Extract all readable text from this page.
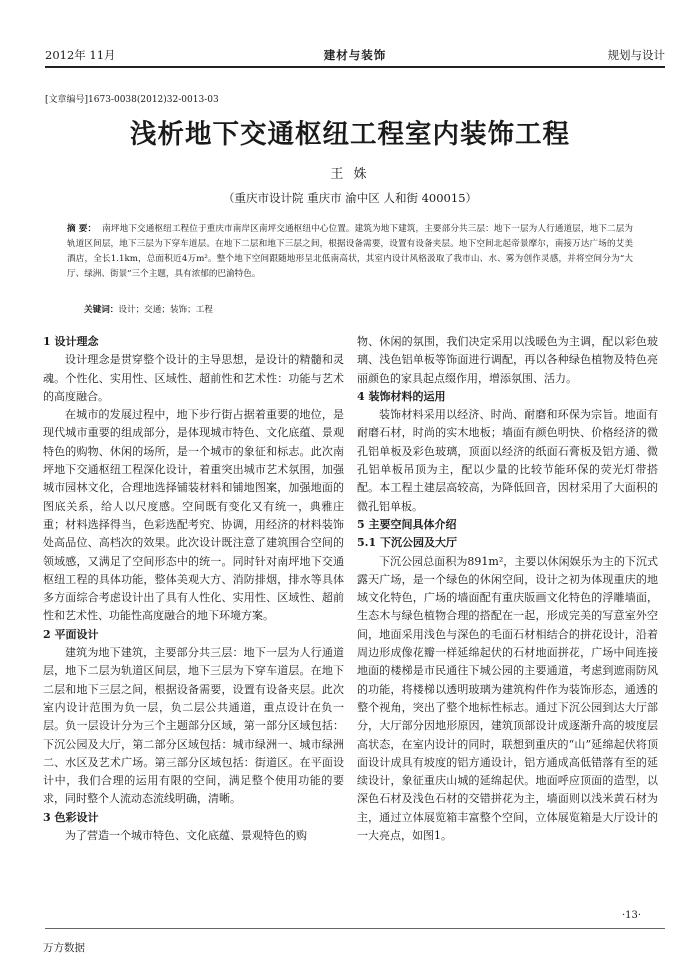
2012年 11月	建材与装饰	规划与设计
[文章编号]1673-0038(2012)32-0013-03
浅析地下交通枢纽工程室内装饰工程
王 姝
（重庆市设计院 重庆市 渝中区 人和街 400015）
摘 要： 南坪地下交通枢纽工程位于重庆市南岸区南坪交通枢纽中心位置。建筑为地下建筑，主要部分共三层：地下一层为人行通道层，地下二层为轨道区间层，地下三层为下穿车道层。在地下二层和地下三层之间，根据设备需要，设置有设备夹层。地下空间北起帝景摩尔，南接万达广场的艾美酒店，全长1.1km，总面积近4万m²。整个地下空间跟随地形呈北低南高状，其室内设计风格汲取了我市山、水、雾为创作灵感，并将空间分为“大厅、绿洲、街景”三个主题，具有浓郁的巴渝特色。
关键词：设计；交通；装饰；工程
1 设计理念
设计理念是贯穿整个设计的主导思想，是设计的精髓和灵魂。个性化、实用性、区域性、超前性和艺术性：功能与艺术的高度融合。
在城市的发展过程中，地下步行街占据着重要的地位，是现代城市重要的组成部分，是体现城市特色、文化底蕴、景观特色的购物、休闲的场所，是一个城市的象征和标志。此次南坪地下交通枢纽工程深化设计，着重突出城市艺术氛围，加强城市园林文化，合理地选择铺装材料和铺地图案，加强地面的图底关系，给人以尺度感。空间既有变化又有统一，典雅庄重；材料选择得当，色彩选配考究、协调，用经济的材料装饰处高品位、高档次的效果。此次设计既注意了建筑围合空间的领域感，又满足了空间形态中的统一。同时针对南坪地下交通枢纽工程的具体功能，整体美观大方、消防排烟，排水等具体多方面综合考虑设计出了具有人性化、实用性、区域性、超前性和艺术性、功能性高度融合的地下环境方案。
2 平面设计
建筑为地下建筑，主要部分共三层：地下一层为人行通道层，地下二层为轨道区间层，地下三层为下穿车道层。在地下二层和地下三层之间，根据设备需要，设置有设备夹层。此次室内设计范围为负一层，负二层公共通道，重点设计在负一层。负一层设计分为三个主题部分区域，第一部分区域包括：下沉公园及大厅，第二部分区域包括：城市绿洲一、城市绿洲二、水区及艺术广场。第三部分区域包括：街道区。在平面设计中，我们合理的运用有限的空间，满足整个使用功能的要求，同时整个人流动态流线明确，清晰。
3 色彩设计
为了营造一个城市特色、文化底蕴、景观特色的购
物、休闲的氛围，我们决定采用以浅暖色为主调，配以彩色玻璃、浅色铝单板等饰面进行调配，再以各种绿色植物及特色亮丽颜色的家具起点缀作用，增添氛围、活力。
4 装饰材料的运用
装饰材料采用以经济、时尚、耐磨和环保为宗旨。地面有耐磨石材，时尚的实木地板；墙面有颜色明快、价格经济的微孔铝单板及彩色玻璃，顶面以经济的纸面石膏板及铝方通、微孔铝单板吊顶为主，配以少量的比较节能环保的荧光灯带搭配。本工程土建层高较高，为降低回音，因材采用了大面积的微孔铝单板。
5 主要空间具体介绍
5.1 下沉公园及大厅
下沉公园总面积为891m²，主要以休闲娱乐为主的下沉式露天广场，是一个绿色的休闲空间，设计之初为体现重庆的地域文化特色，广场的墙面配有重庆版画文化特色的浮雕墙面，生态木与绿色植物合理的搭配在一起，形成完美的写意室外空间，地面采用浅色与深色的毛面石材相结合的拼花设计，沿着周边形成像花瓣一样延绵起伏的石材地面拼花，广场中间连接地面的楼梯是市民通往下城公园的主要通道，考虑到遮雨防风的功能，将楼梯以透明玻璃为建筑构件作为装饰形态，通透的整个视角，突出了整个地标性标志。通过下沉公园到达大厅部分，大厅部分因地形原因，建筑顶部设计成逐渐升高的坡度层高状态，在室内设计的同时，联想到重庆的“山”延绵起伏将顶面设计成具有坡度的铝方通设计，铝方通成高低错落有至的延续设计，象征重庆山城的延绵起伏。地面呼应顶面的造型，以深色石材及浅色石材的交错拼花为主，墙面则以浅米黄石材为主，通过立体展览箱丰富整个空间，立体展览箱是大厅设计的一大亮点，如图1。
·13·
万方数据
